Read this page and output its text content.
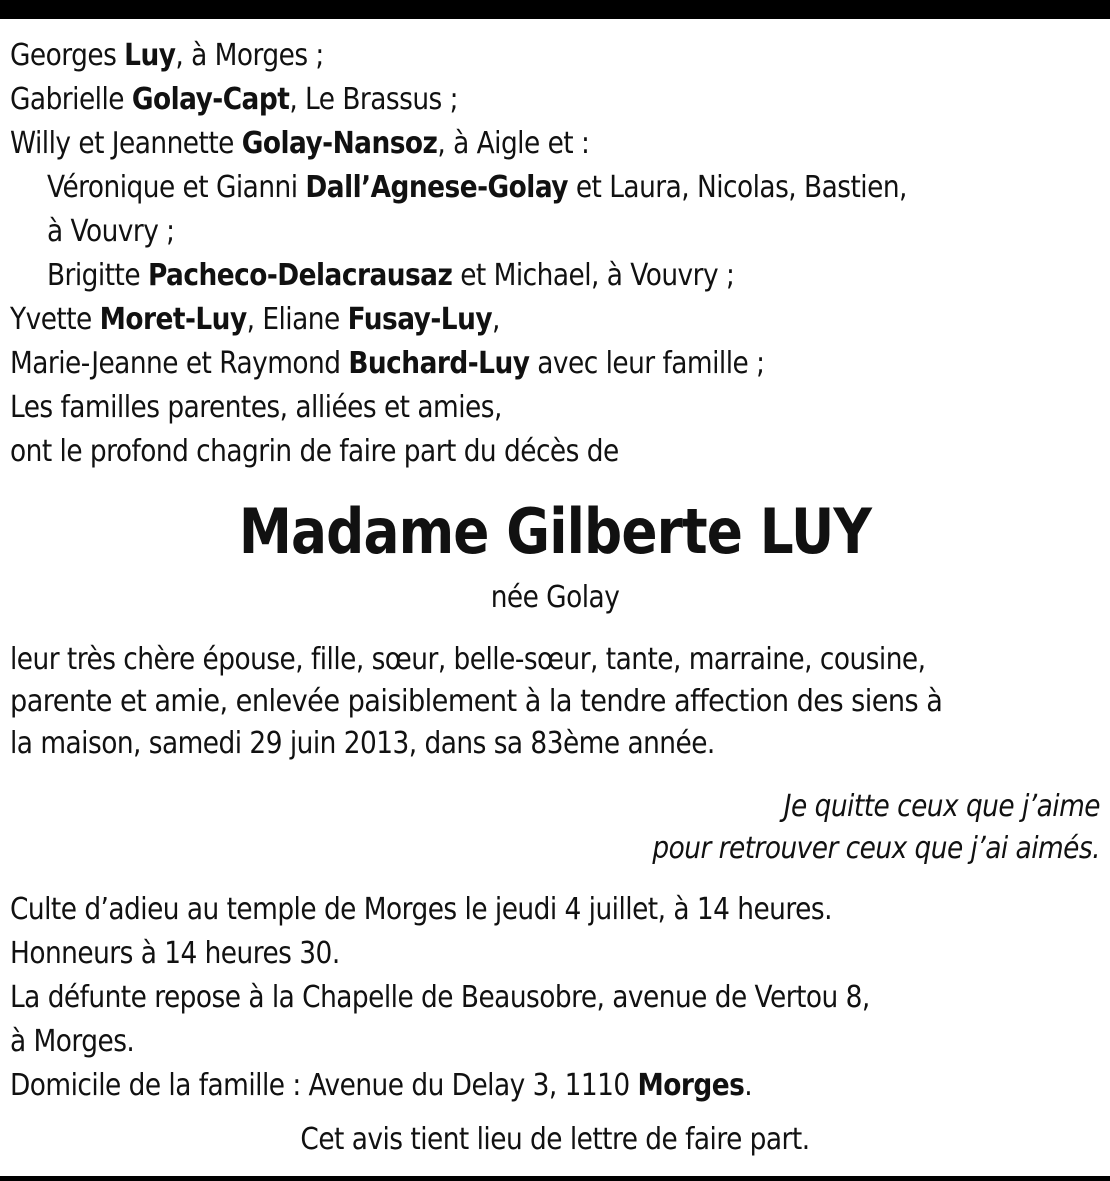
Georges Luy, à Morges ;
Gabrielle Golay-Capt, Le Brassus ;
Willy et Jeannette Golay-Nansoz, à Aigle et :
Véronique et Gianni Dall’Agnese-Golay et Laura, Nicolas, Bastien,
à Vouvry ;
Brigitte Pacheco-Delacrausaz et Michael, à Vouvry ;
Yvette Moret-Luy, Eliane Fusay-Luy,
Marie-Jeanne et Raymond Buchard-Luy avec leur famille ;
Les familles parentes, alliées et amies,
ont le profond chagrin de faire part du décès de
Madame Gilberte LUY
née Golay
leur très chère épouse, fille, sœur, belle-sœur, tante, marraine, cousine,
parente et amie, enlevée paisiblement à la tendre affection des siens à
la maison, samedi 29 juin 2013, dans sa 83ème année.
Je quitte ceux que j’aime
pour retrouver ceux que j’ai aimés.
Culte d’adieu au temple de Morges le jeudi 4 juillet, à 14 heures.
Honneurs à 14 heures 30.
La défunte repose à la Chapelle de Beausobre, avenue de Vertou 8,
à Morges.
Domicile de la famille : Avenue du Delay 3, 1110 Morges.
Cet avis tient lieu de lettre de faire part.
